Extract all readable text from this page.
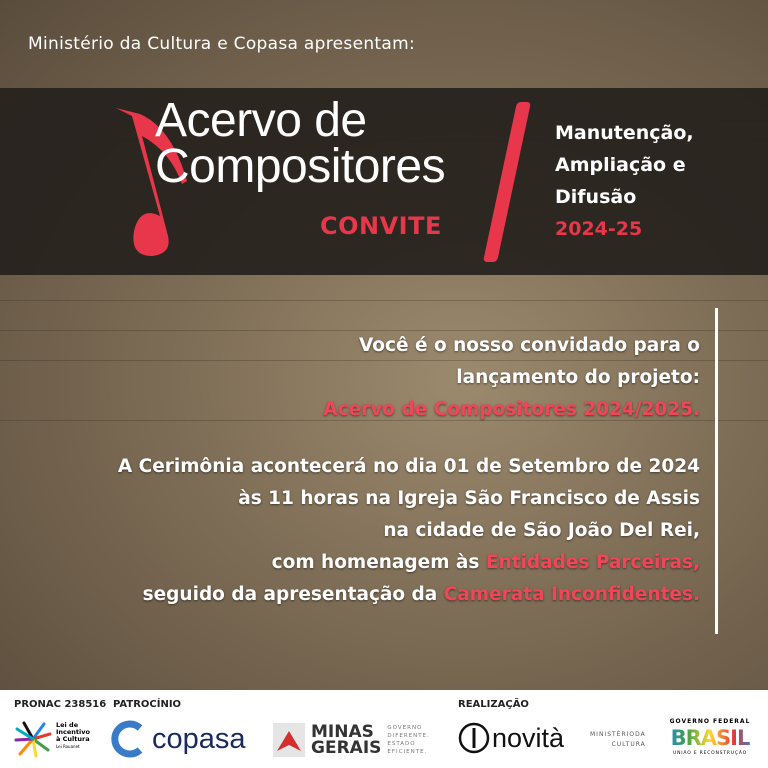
Ministério da Cultura e Copasa apresentam:
Acervo de
Compositores
CONVITE
Manutenção,
Ampliação e
Difusão
2024-25
Você é o nosso convidado para o
lançamento do projeto:
Acervo de Compositores 2024/2025.
A Cerimônia acontecerá no dia 01 de Setembro de 2024
às 11 horas na Igreja São Francisco de Assis
na cidade de São João Del Rei,
com homenagem às Entidades Parceiras,
seguido da apresentação da Camerata Inconfidentes.
PRONAC 238516 PATROCÍNIO	REALIZAÇÃO
Lei de
Incentivo
à Cultura
Lei Rouanet	copasa	MINAS
GERAIS
GOVERNO
DIFERENTE.
ESTADO
EFICIENTE. novità	MINISTÉRIODA
CULTURA
GOVERNO FEDERAL
BRASIL
UNIÃO E RECONSTRUÇÃO
